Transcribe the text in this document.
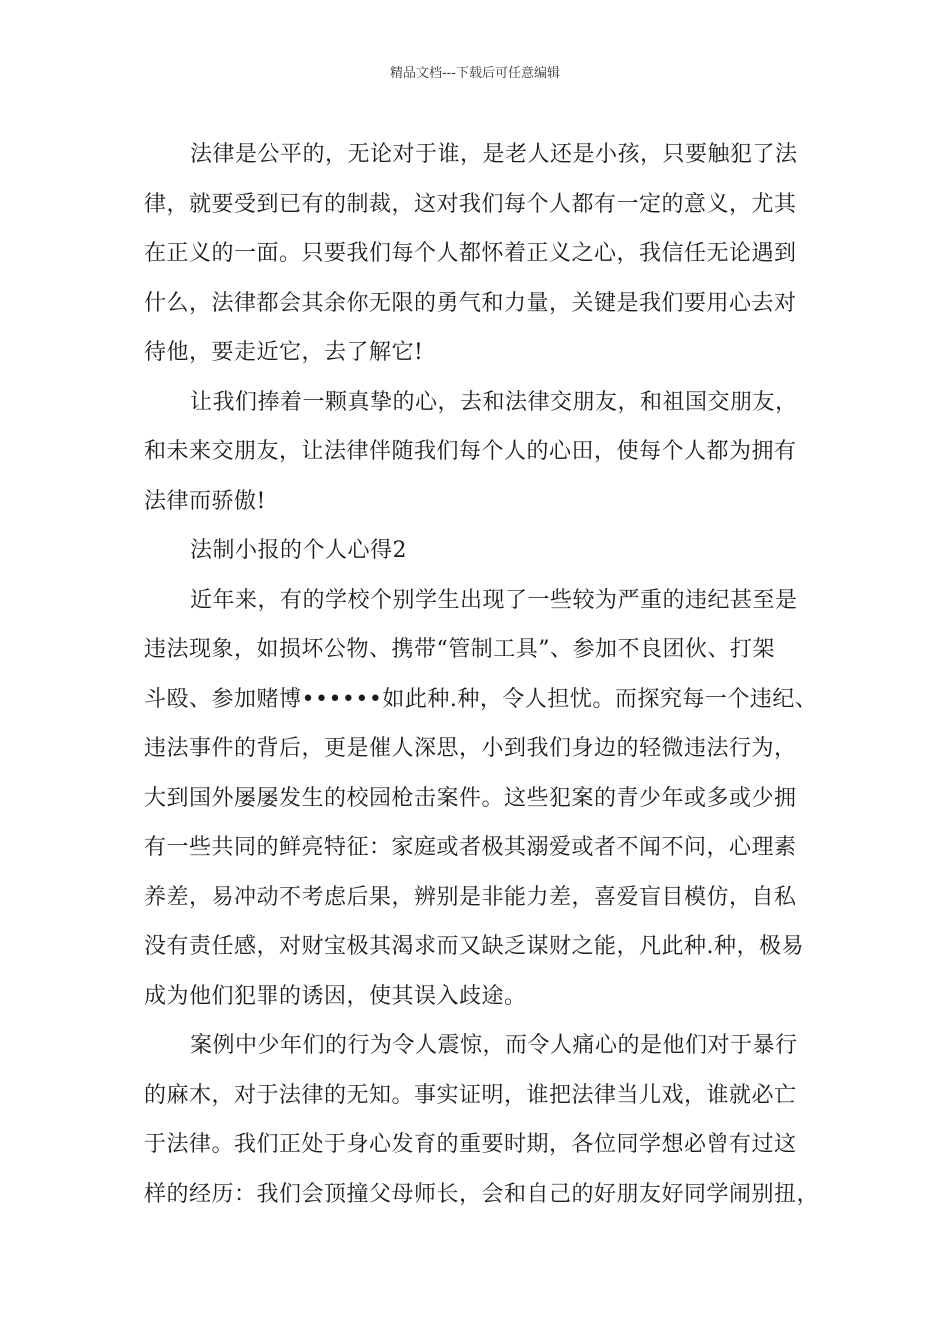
精品文档---下载后可任意编辑

法律是公平的，无论对于谁，是老人还是小孩，只要触犯了法
律，就要受到已有的制裁，这对我们每个人都有一定的意义，尤其
在正义的一面。只要我们每个人都怀着正义之心，我信任无论遇到
什么，法律都会其余你无限的勇气和力量，关键是我们要用心去对
待他，要走近它，去了解它!

让我们捧着一颗真挚的心，去和法律交朋友，和祖国交朋友，
和未来交朋友，让法律伴随我们每个人的心田，使每个人都为拥有
法律而骄傲!

法制小报的个人心得2

近年来，有的学校个别学生出现了一些较为严重的违纪甚至是
违法现象，如损坏公物、携带“管制工具”、参加不良团伙、打架
斗殴、参加赌博••••••如此种.种，令人担忧。而探究每一个违纪、
违法事件的背后，更是催人深思，小到我们身边的轻微违法行为，
大到国外屡屡发生的校园枪击案件。这些犯案的青少年或多或少拥
有一些共同的鲜亮特征：家庭或者极其溺爱或者不闻不问，心理素
养差，易冲动不考虑后果，辨别是非能力差，喜爱盲目模仿，自私
没有责任感，对财宝极其渴求而又缺乏谋财之能，凡此种.种，极易
成为他们犯罪的诱因，使其误入歧途。

案例中少年们的行为令人震惊，而令人痛心的是他们对于暴行
的麻木，对于法律的无知。事实证明，谁把法律当儿戏，谁就必亡
于法律。我们正处于身心发育的重要时期，各位同学想必曾有过这
样的经历：我们会顶撞父母师长，会和自己的好朋友好同学闹别扭，
